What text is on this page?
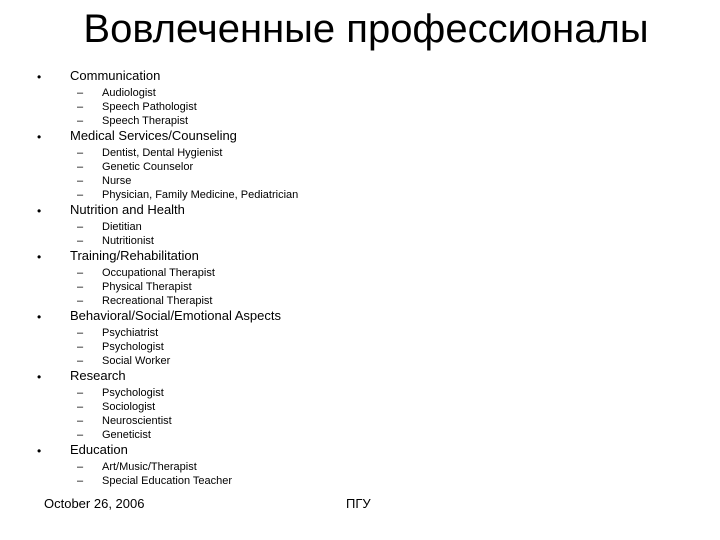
Вовлеченные профессионалы
• Communication
– Audiologist
– Speech Pathologist
– Speech Therapist
• Medical Services/Counseling
– Dentist, Dental Hygienist
– Genetic Counselor
– Nurse
– Physician, Family Medicine, Pediatrician
• Nutrition and Health
– Dietitian
– Nutritionist
• Training/Rehabilitation
– Occupational Therapist
– Physical Therapist
– Recreational Therapist
• Behavioral/Social/Emotional Aspects
– Psychiatrist
– Psychologist
– Social Worker
• Research
– Psychologist
– Sociologist
– Neuroscientist
– Geneticist
• Education
– Art/Music/Therapist
– Special Education Teacher
October 26, 2006	ПГУ
